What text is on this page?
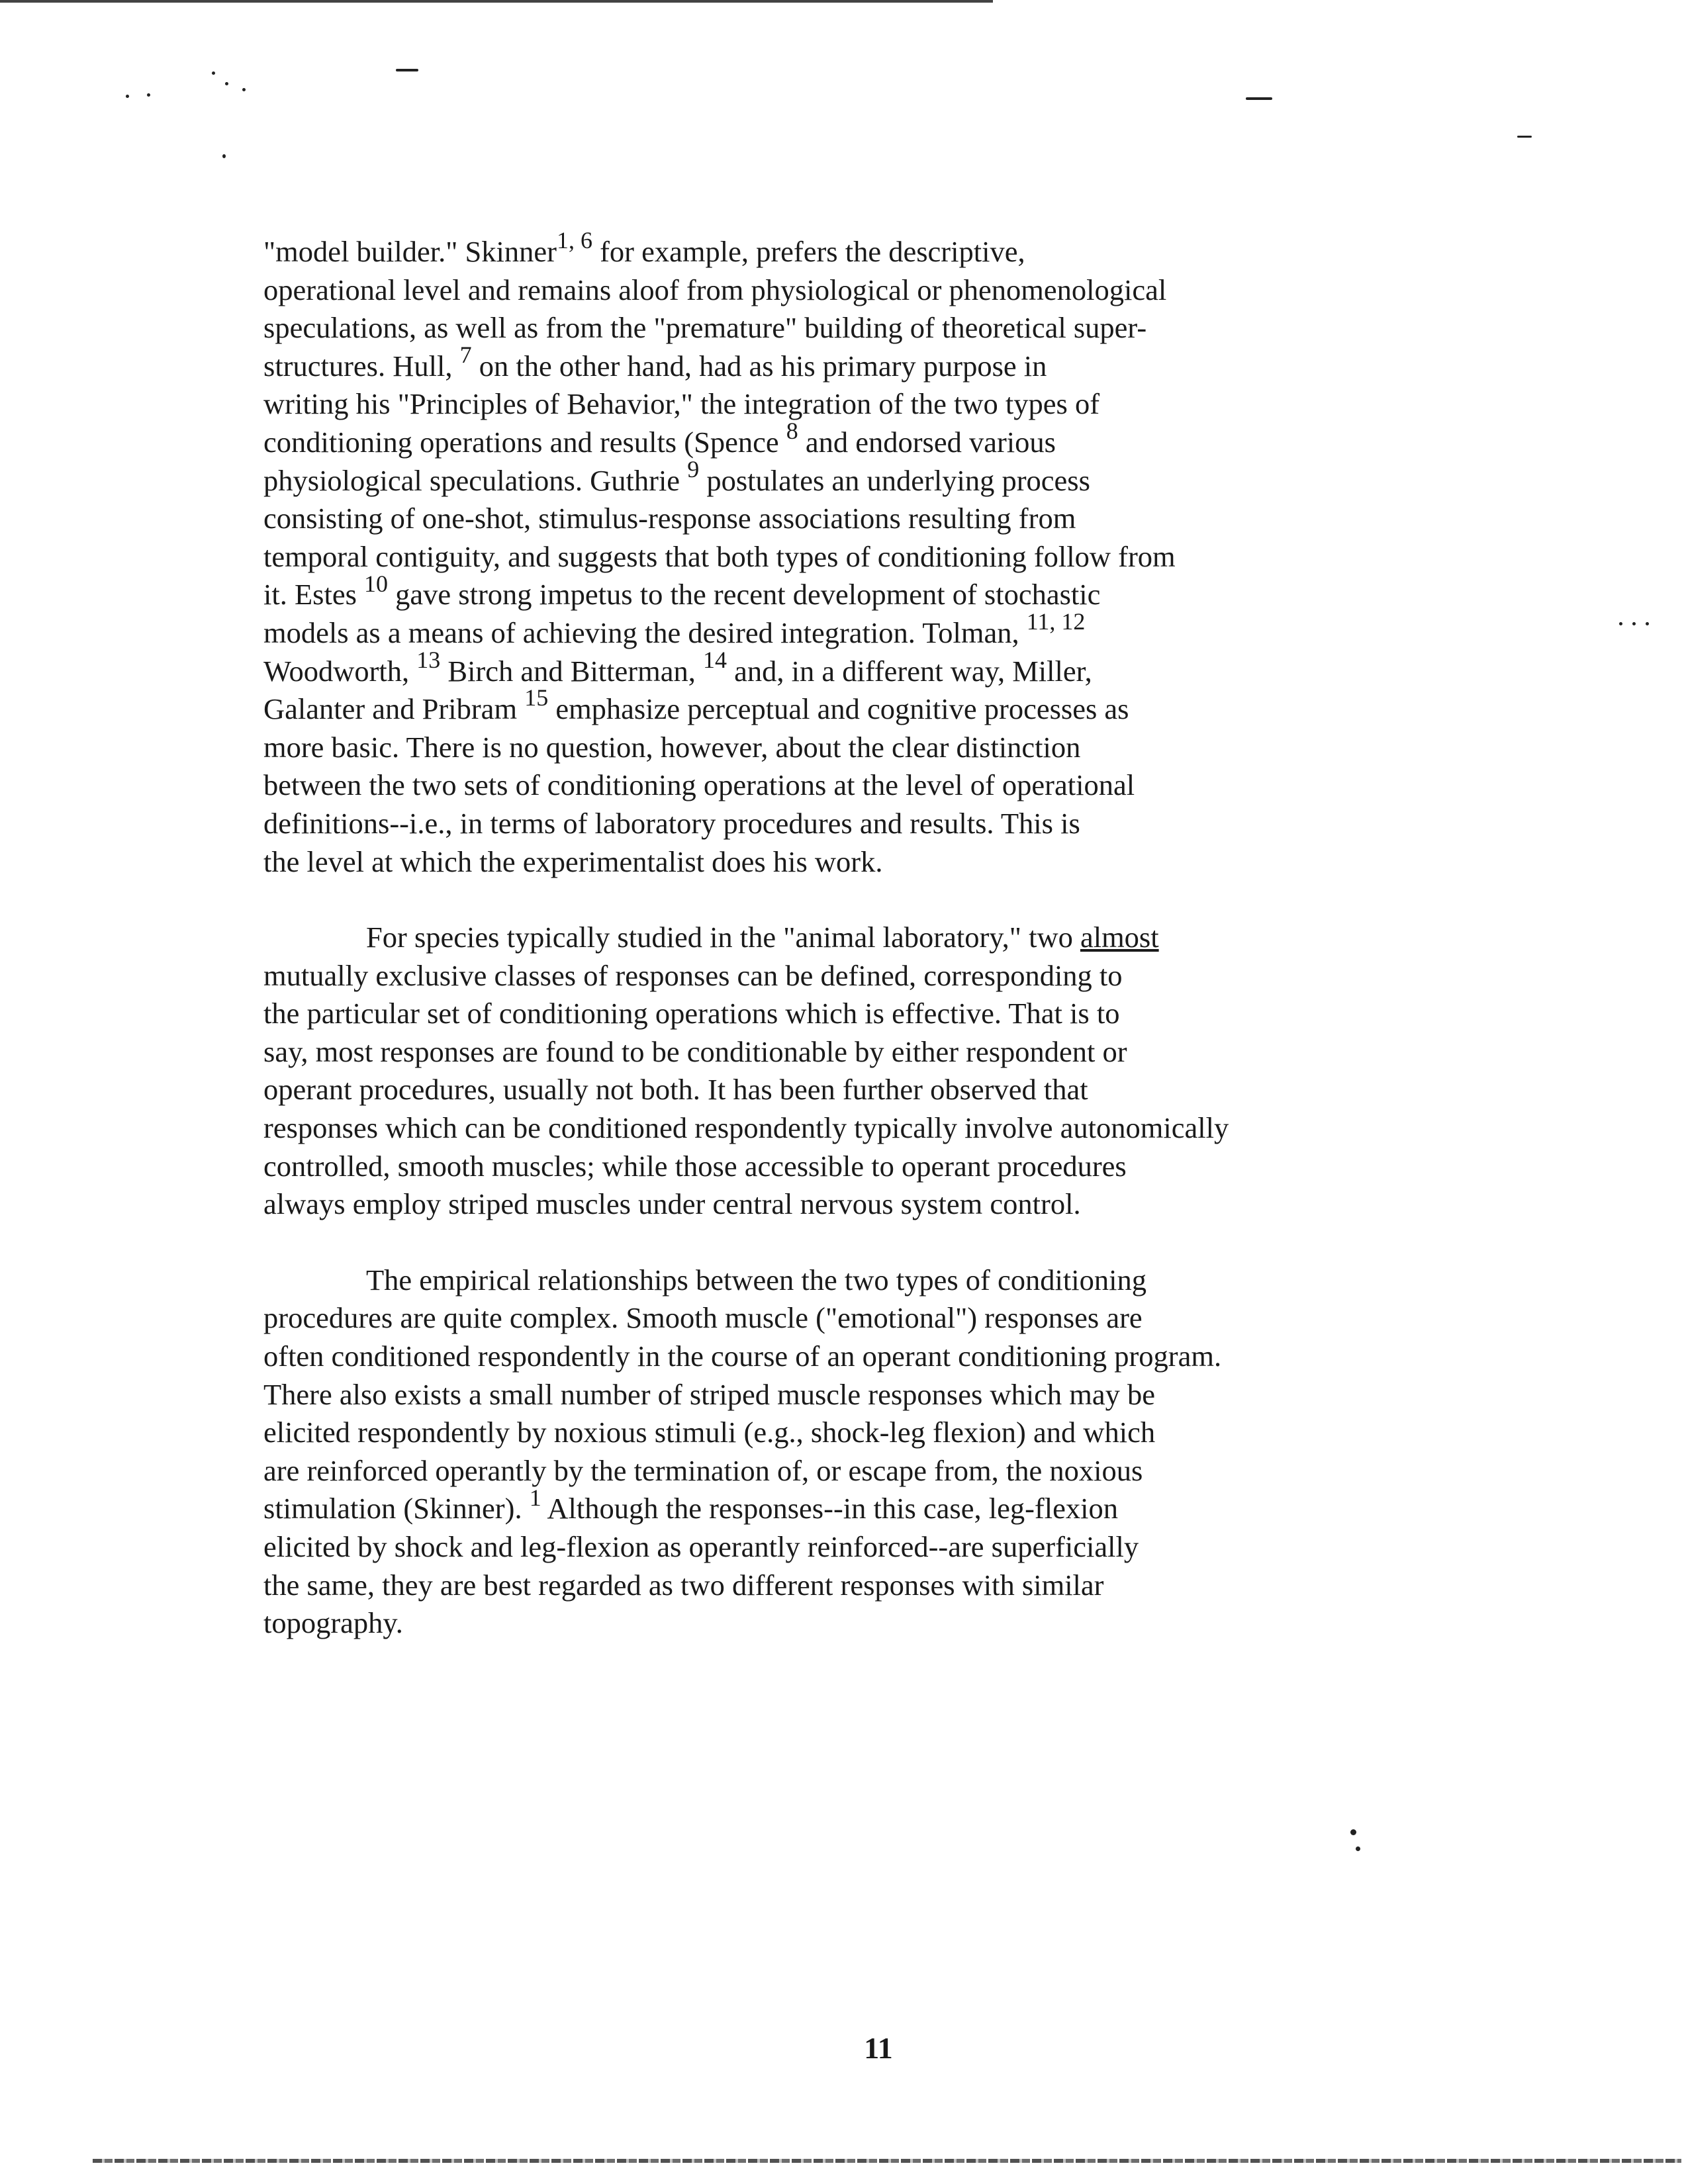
"model builder." Skinner$^{1, 6}$ for example, prefers the descriptive,
operational level and remains aloof from physiological or phenomenological
speculations, as well as from the "premature" building of theoretical super-
structures. Hull, $^7$ on the other hand, had as his primary purpose in
writing his "Principles of Behavior," the integration of the two types of
conditioning operations and results (Spence $^8$ and endorsed various
physiological speculations. Guthrie $^9$ postulates an underlying process
consisting of one-shot, stimulus-response associations resulting from
temporal contiguity, and suggests that both types of conditioning follow from
it. Estes $^{10}$ gave strong impetus to the recent development of stochastic
models as a means of achieving the desired integration. Tolman, $^{11, 12}$
Woodworth, $^{13}$ Birch and Bitterman, $^{14}$ and, in a different way, Miller,
Galanter and Pribram $^{15}$ emphasize perceptual and cognitive processes as
more basic. There is no question, however, about the clear distinction
between the two sets of conditioning operations at the level of operational
definitions--i.e., in terms of laboratory procedures and results. This is
the level at which the experimentalist does his work.

For species typically studied in the "animal laboratory," two almost
mutually exclusive classes of responses can be defined, corresponding to
the particular set of conditioning operations which is effective. That is to
say, most responses are found to be conditionable by either respondent or
operant procedures, usually not both. It has been further observed that
responses which can be conditioned respondently typically involve autonomically
controlled, smooth muscles; while those accessible to operant procedures
always employ striped muscles under central nervous system control.

The empirical relationships between the two types of conditioning
procedures are quite complex. Smooth muscle ("emotional") responses are
often conditioned respondently in the course of an operant conditioning program.
There also exists a small number of striped muscle responses which may be
elicited respondently by noxious stimuli (e.g., shock-leg flexion) and which
are reinforced operantly by the termination of, or escape from, the noxious
stimulation (Skinner). $^1$ Although the responses--in this case, leg-flexion
elicited by shock and leg-flexion as operantly reinforced--are superficially
the same, they are best regarded as two different responses with similar
topography.

11
